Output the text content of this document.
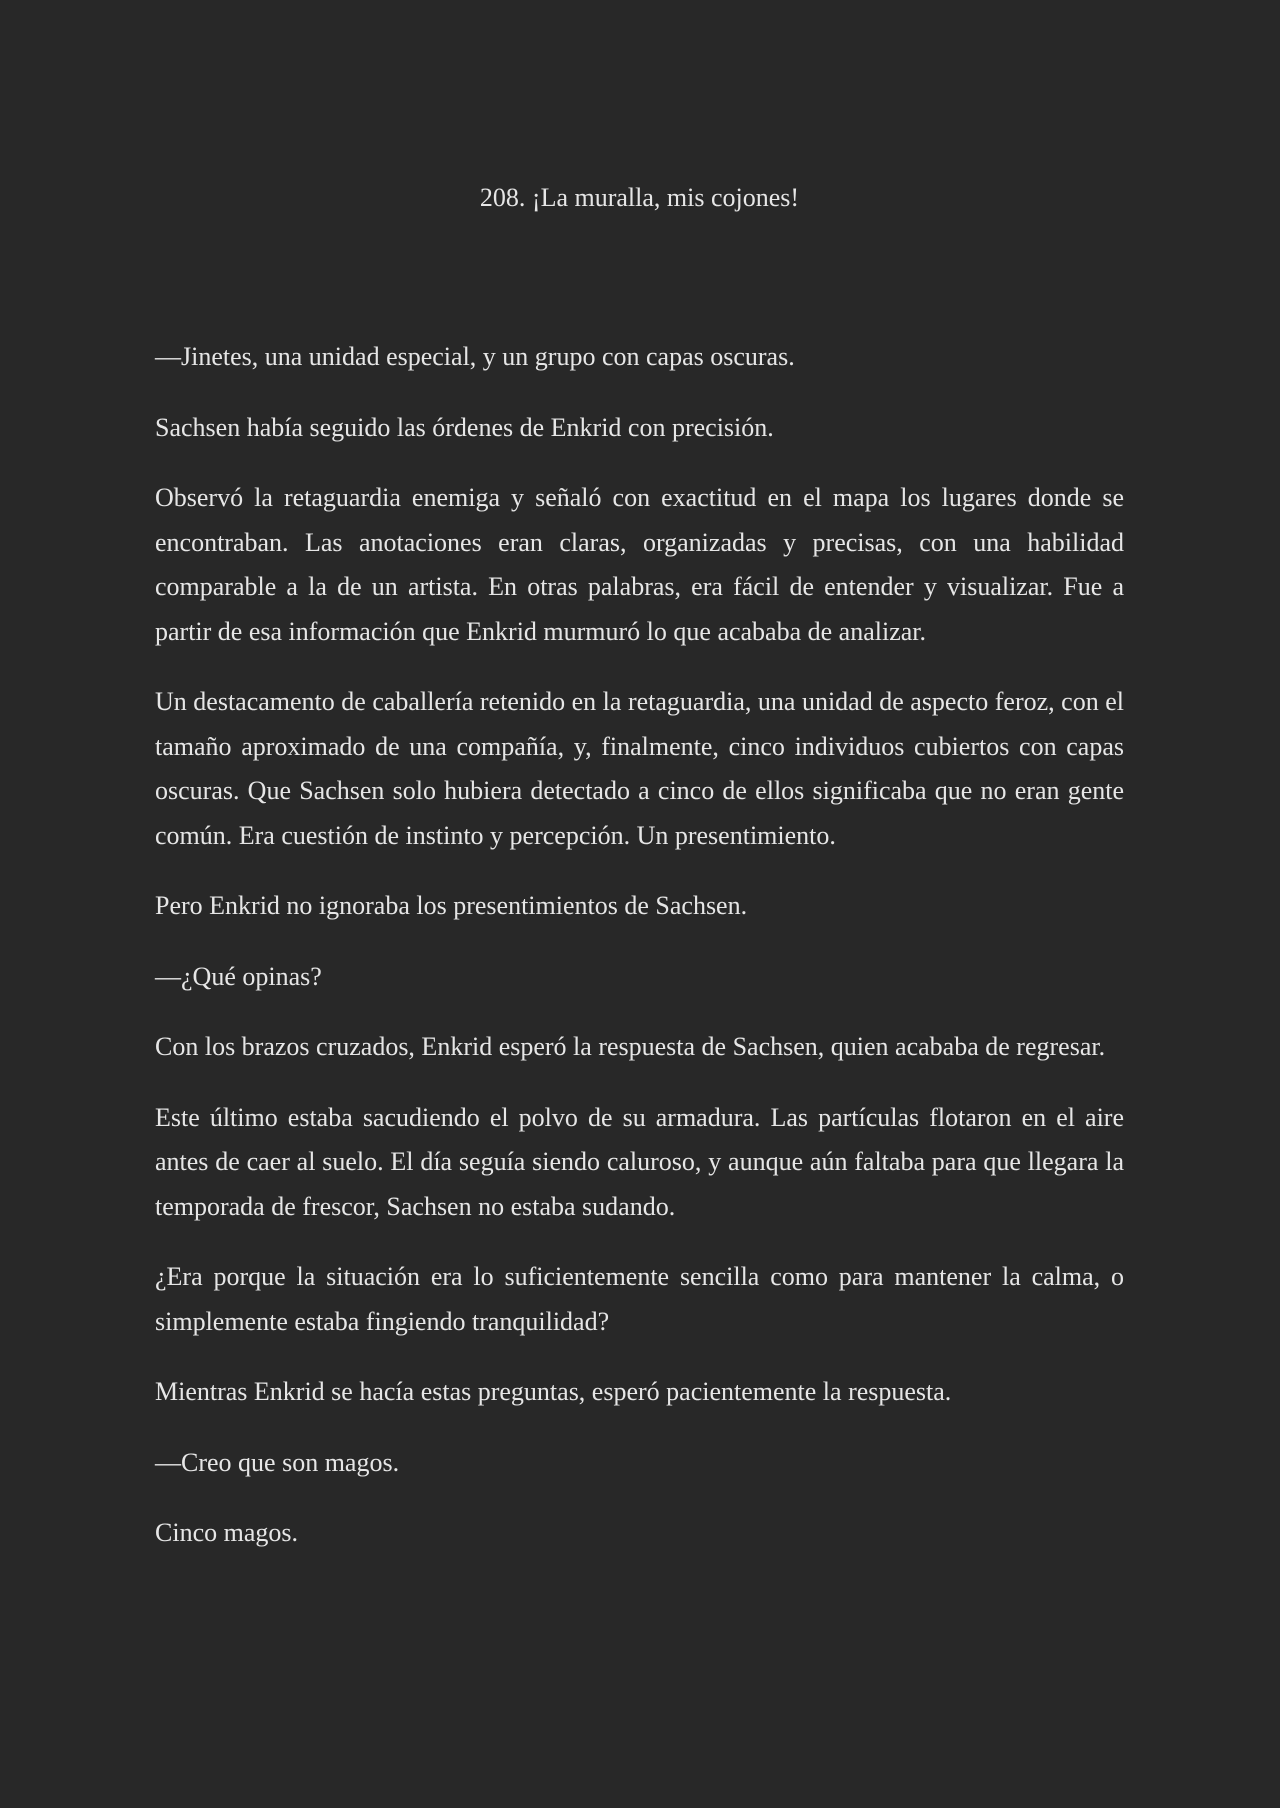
208. ¡La muralla, mis cojones!

—Jinetes, una unidad especial, y un grupo con capas oscuras.

Sachsen había seguido las órdenes de Enkrid con precisión.

Observó la retaguardia enemiga y señaló con exactitud en el mapa los lugares donde se encontraban. Las anotaciones eran claras, organizadas y precisas, con una habilidad comparable a la de un artista. En otras palabras, era fácil de entender y visualizar. Fue a partir de esa información que Enkrid murmuró lo que acababa de analizar.

Un destacamento de caballería retenido en la retaguardia, una unidad de aspecto feroz, con el tamaño aproximado de una compañía, y, finalmente, cinco individuos cubiertos con capas oscuras. Que Sachsen solo hubiera detectado a cinco de ellos significaba que no eran gente común. Era cuestión de instinto y percepción. Un presentimiento.

Pero Enkrid no ignoraba los presentimientos de Sachsen.

—¿Qué opinas?

Con los brazos cruzados, Enkrid esperó la respuesta de Sachsen, quien acababa de regresar.

Este último estaba sacudiendo el polvo de su armadura. Las partículas flotaron en el aire antes de caer al suelo. El día seguía siendo caluroso, y aunque aún faltaba para que llegara la temporada de frescor, Sachsen no estaba sudando.

¿Era porque la situación era lo suficientemente sencilla como para mantener la calma, o simplemente estaba fingiendo tranquilidad?

Mientras Enkrid se hacía estas preguntas, esperó pacientemente la respuesta.

—Creo que son magos.

Cinco magos.
